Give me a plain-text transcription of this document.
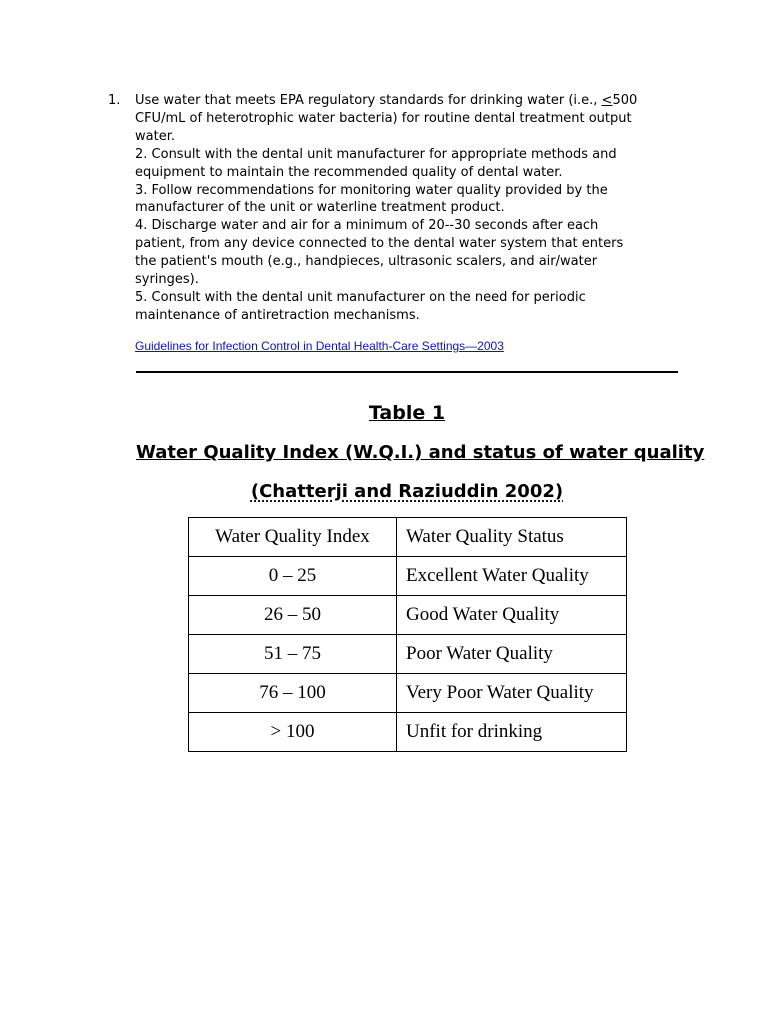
1. Use water that meets EPA regulatory standards for drinking water (i.e., <500
CFU/mL of heterotrophic water bacteria) for routine dental treatment output
water.
2. Consult with the dental unit manufacturer for appropriate methods and
equipment to maintain the recommended quality of dental water.
3. Follow recommendations for monitoring water quality provided by the
manufacturer of the unit or waterline treatment product.
4. Discharge water and air for a minimum of 20--30 seconds after each
patient, from any device connected to the dental water system that enters
the patient's mouth (e.g., handpieces, ultrasonic scalers, and air/water
syringes).
5. Consult with the dental unit manufacturer on the need for periodic
maintenance of antiretraction mechanisms.
Guidelines for Infection Control in Dental Health-Care Settings—2003
Table 1
Water Quality Index (W.Q.I.) and status of water quality
(Chatterji and Raziuddin 2002)
Water Quality Index	Water Quality Status
0 – 25	Excellent Water Quality
26 – 50	Good Water Quality
51 – 75	Poor Water Quality
76 – 100	Very Poor Water Quality
> 100	Unfit for drinking
